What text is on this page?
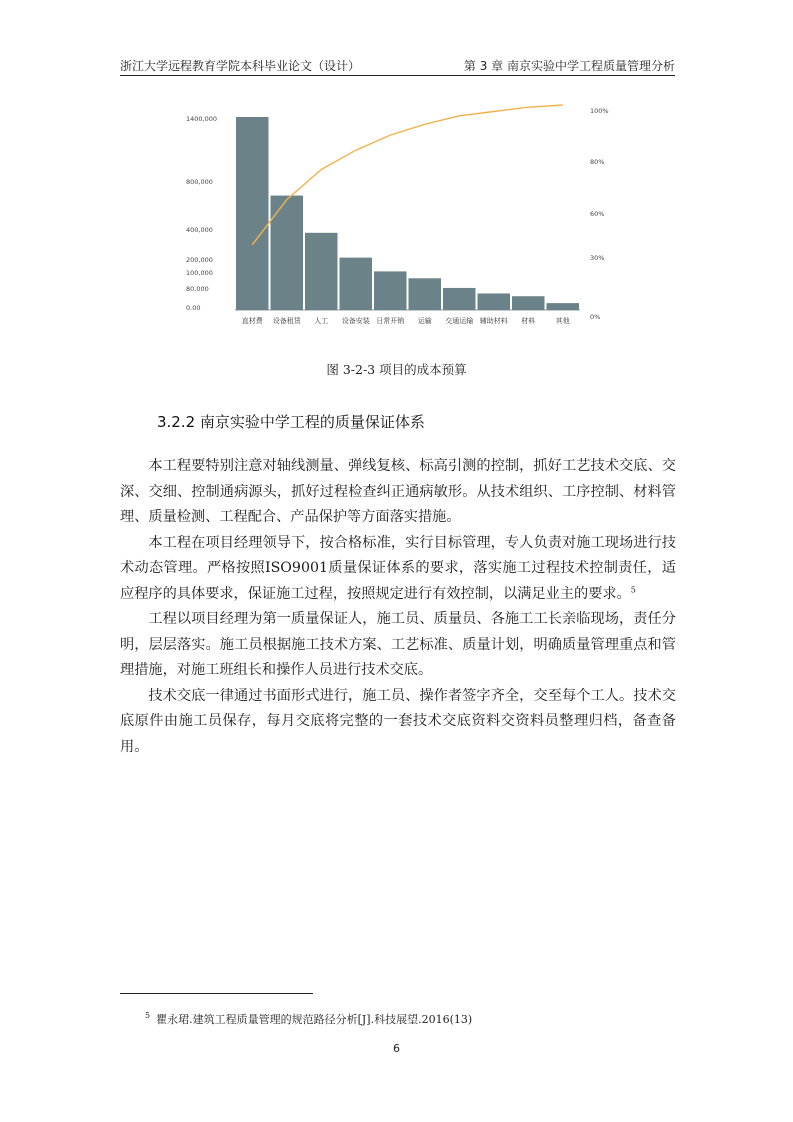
浙江大学远程教育学院本科毕业论文（设计）	第 3 章 南京实验中学工程质量管理分析
直材费 设备租赁 人工 设备安装 日常开销 运输 交通运输 辅助材料 材料	其他
1400,000
800,000
400,000
200,000
100,000
80,000
0.00
100%
80%
60%
30%
0%
图 3-2-3 项目的成本预算
3.2.2 南京实验中学工程的质量保证体系

本工程要特别注意对轴线测量、弹线复核、标高引测的控制，抓好工艺技术交底、交深、交细、控制通病源头，抓好过程检查纠正通病敏形。从技术组织、工序控制、材料管理、质量检测、工程配合、产品保护等方面落实措施。

本工程在项目经理领导下，按合格标准，实行目标管理，专人负责对施工现场进行技术动态管理。严格按照ISO9001质量保证体系的要求，落实施工过程技术控制责任，适应程序的具体要求，保证施工过程，按照规定进行有效控制，以满足业主的要求。$^5$

工程以项目经理为第一质量保证人，施工员、质量员、各施工工长亲临现场，责任分明，层层落实。施工员根据施工技术方案、工艺标准、质量计划，明确质量管理重点和管理措施，对施工班组长和操作人员进行技术交底。

技术交底一律通过书面形式进行，施工员、操作者签字齐全，交至每个工人。技术交底原件由施工员保存，每月交底将完整的一套技术交底资料交资料员整理归档，备查备用。

$^5$ 瞿永珺.建筑工程质量管理的规范路径分析[J].科技展望.2016(13)
6
